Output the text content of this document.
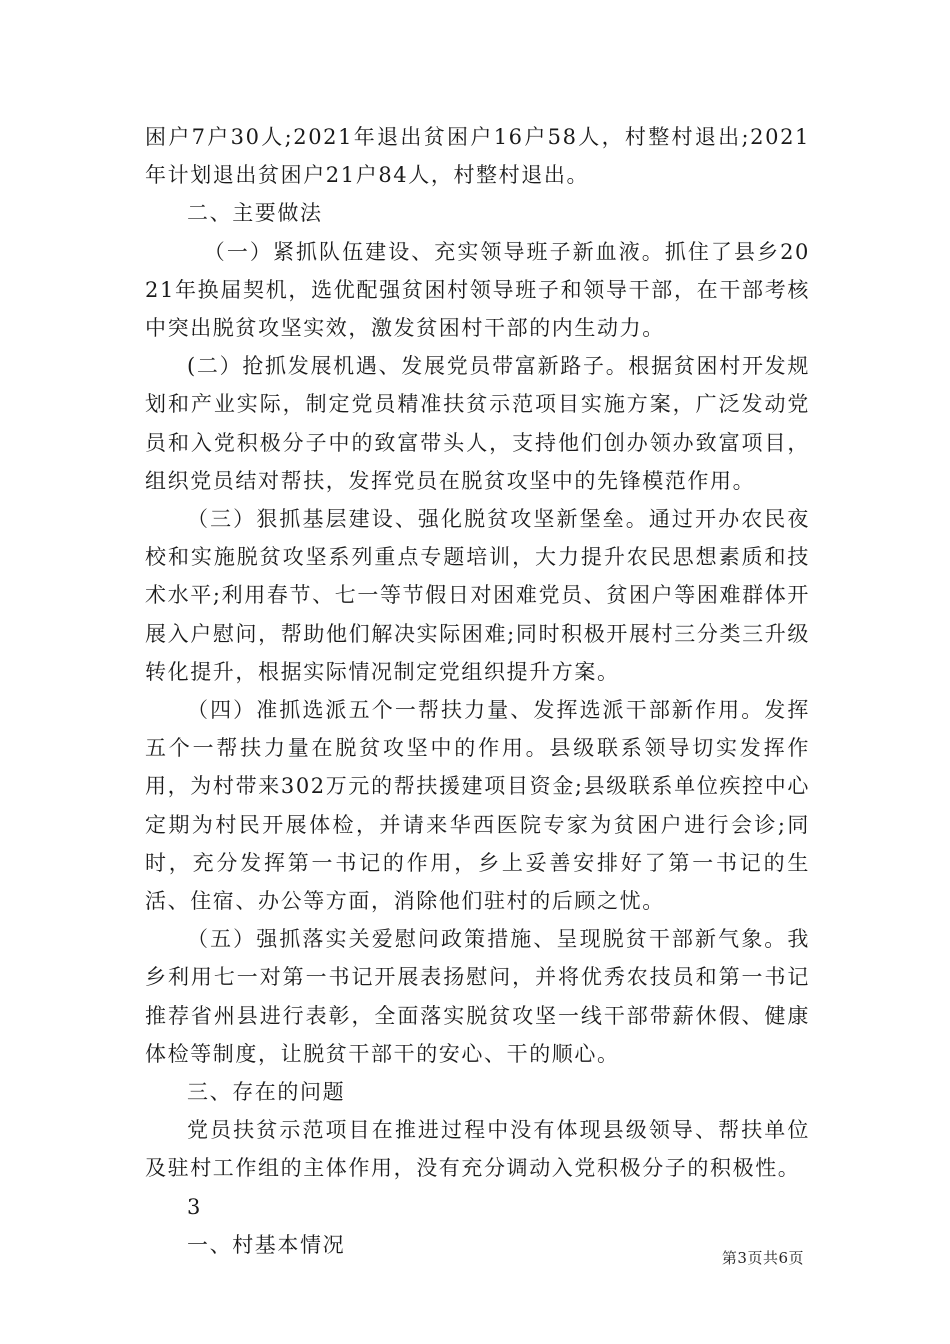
困户7户30人;2021年退出贫困户16户58人，村整村退出;2021年计划退出贫困户21户84人，村整村退出。

二、主要做法

（一）紧抓队伍建设、充实领导班子新血液。抓住了县乡2021年换届契机，选优配强贫困村领导班子和领导干部，在干部考核中突出脱贫攻坚实效，激发贫困村干部的内生动力。

(二）抢抓发展机遇、发展党员带富新路子。根据贫困村开发规划和产业实际，制定党员精准扶贫示范项目实施方案，广泛发动党员和入党积极分子中的致富带头人，支持他们创办领办致富项目，组织党员结对帮扶，发挥党员在脱贫攻坚中的先锋模范作用。

（三）狠抓基层建设、强化脱贫攻坚新堡垒。通过开办农民夜校和实施脱贫攻坚系列重点专题培训，大力提升农民思想素质和技术水平;利用春节、七一等节假日对困难党员、贫困户等困难群体开展入户慰问，帮助他们解决实际困难;同时积极开展村三分类三升级转化提升，根据实际情况制定党组织提升方案。

（四）准抓选派五个一帮扶力量、发挥选派干部新作用。发挥五个一帮扶力量在脱贫攻坚中的作用。县级联系领导切实发挥作用，为村带来302万元的帮扶援建项目资金;县级联系单位疾控中心定期为村民开展体检，并请来华西医院专家为贫困户进行会诊;同时，充分发挥第一书记的作用，乡上妥善安排好了第一书记的生活、住宿、办公等方面，消除他们驻村的后顾之忧。

（五）强抓落实关爱慰问政策措施、呈现脱贫干部新气象。我乡利用七一对第一书记开展表扬慰问，并将优秀农技员和第一书记推荐省州县进行表彰，全面落实脱贫攻坚一线干部带薪休假、健康体检等制度，让脱贫干部干的安心、干的顺心。

三、存在的问题

党员扶贫示范项目在推进过程中没有体现县级领导、帮扶单位及驻村工作组的主体作用，没有充分调动入党积极分子的积极性。

3

一、村基本情况

第3页共6页
